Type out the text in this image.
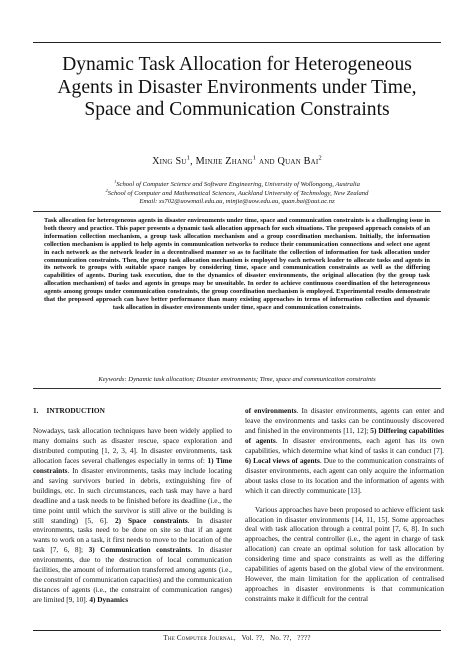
Dynamic Task Allocation for Heterogeneous Agents in Disaster Environments under Time, Space and Communication Constraints
Xing Su$^1$, Minjie Zhang$^1$ and Quan Bai$^2$
$^1$School of Computer Science and Software Engineering, University of Wollongong, Australia
$^2$School of Computer and Mathematical Sciences, Auckland University of Technology, New Zealand
Email: xs702@uowmail.edu.au, minjie@uow.edu.au, quan.bai@aut.ac.nz

Task allocation for heterogeneous agents in disaster environments under time, space and communication constraints is a challenging issue in both theory and practice. This paper presents a dynamic task allocation approach for such situations. The proposed approach consists of an information collection mechanism, a group task allocation mechanism and a group coordination mechanism. Initially, the information collection mechanism is applied to help agents in communication networks to reduce their communication connections and select one agent in each network as the network leader in a decentralised manner so as to facilitate the collection of information for task allocation under communication constraints. Then, the group task allocation mechanism is employed by each network leader to allocate tasks and agents in its network to groups with suitable space ranges by considering time, space and communication constraints as well as the differing capabilities of agents. During task execution, due to the dynamics of disaster environments, the original allocation (by the group task allocation mechanism) of tasks and agents in groups may be unsuitable. In order to achieve continuous coordination of the heterogeneous agents among groups under communication constraints, the group coordination mechanism is employed. Experimental results demonstrate that the proposed approach can have better performance than many existing approaches in terms of information collection and dynamic task allocation in disaster environments under time, space and communication constraints.

Keywords: Dynamic task allocation; Disaster environments; Time, space and communication constraints
1. INTRODUCTION

Nowadays, task allocation techniques have been widely applied to many domains such as disaster rescue, space exploration and distributed computing [1, 2, 3, 4]. In disaster environments, task allocation faces several challenges especially in terms of: 1) Time constraints. In disaster environments, tasks may include locating and saving survivors buried in debris, extinguishing fire of buildings, etc. In such circumstances, each task may have a hard deadline and a task needs to be finished before its deadline (i.e., the time point until which the survivor is still alive or the building is still standing) [5, 6]. 2) Space constraints. In disaster environments, tasks need to be done on site so that if an agent wants to work on a task, it first needs to move to the location of the task [7, 6, 8]; 3) Communication constraints. In disaster environments, due to the destruction of local communication facilities, the amount of information transferred among agents (i.e., the constraint of communication capacities) and the communication distances of agents (i.e., the constraint of communication ranges) are limited [9, 10]. 4) Dynamics

of environments. In disaster environments, agents can enter and leave the environments and tasks can be continuously discovered and finished in the environments [11, 12]; 5) Differing capabilities of agents. In disaster environments, each agent has its own capabilities, which determine what kind of tasks it can conduct [7]. 6) Local views of agents. Due to the communication constraints of disaster environments, each agent can only acquire the information about tasks close to its location and the information of agents with which it can directly communicate [13].

Various approaches have been proposed to achieve efficient task allocation in disaster environments [14, 11, 15]. Some approaches deal with task allocation through a central point [7, 6, 8]. In such approaches, the central controller (i.e., the agent in charge of task allocation) can create an optimal solution for task allocation by considering time and space constraints as well as the differing capabilities of agents based on the global view of the environment. However, the main limitation for the application of centralised approaches in disaster environments is that communication constraints make it difficult for the central

The Computer Journal, Vol. ??, No. ??, ????
